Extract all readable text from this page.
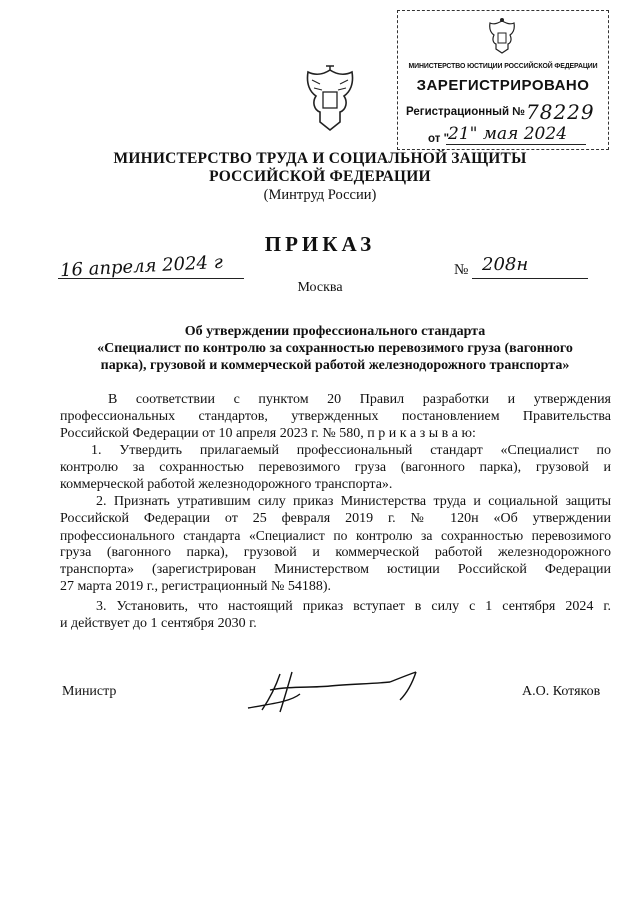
МИНИСТЕРСТВО ЮСТИЦИИ РОССИЙСКОЙ ФЕДЕРАЦИИ
ЗАРЕГИСТРИРОВАНО
Регистрационный № 78229
от "
21" мая 2024
МИНИСТЕРСТВО ТРУДА И СОЦИАЛЬНОЙ ЗАЩИТЫ
РОССИЙСКОЙ ФЕДЕРАЦИИ
(Минтруд России)
ПРИКАЗ
16 апреля 2024 г	№ 208н
Москва
Об утверждении профессионального стандарта
«Специалист по контролю за сохранностью перевозимого груза (вагонного
парка), грузовой и коммерческой работой железнодорожного транспорта»
В соответствии с пунктом 20 Правил разработки и утверждения
профессиональных стандартов, утвержденных постановлением Правительства
Российской Федерации от 10 апреля 2023 г. № 580, п р и к а з ы в а ю:
1. Утвердить прилагаемый профессиональный стандарт «Специалист по
контролю за сохранностью перевозимого груза (вагонного парка), грузовой и
коммерческой работой железнодорожного транспорта».
2. Признать утратившим силу приказ Министерства труда и социальной защиты
Российской Федерации от 25 февраля 2019 г. № 120н «Об утверждении
профессионального стандарта «Специалист по контролю за сохранностью перевозимого
груза (вагонного парка), грузовой и коммерческой работой железнодорожного
транспорта» (зарегистрирован Министерством юстиции Российской Федерации
27 марта 2019 г., регистрационный № 54188).
3. Установить, что настоящий приказ вступает в силу с 1 сентября 2024 г.
и действует до 1 сентября 2030 г.
Министр	А.О. Котяков
